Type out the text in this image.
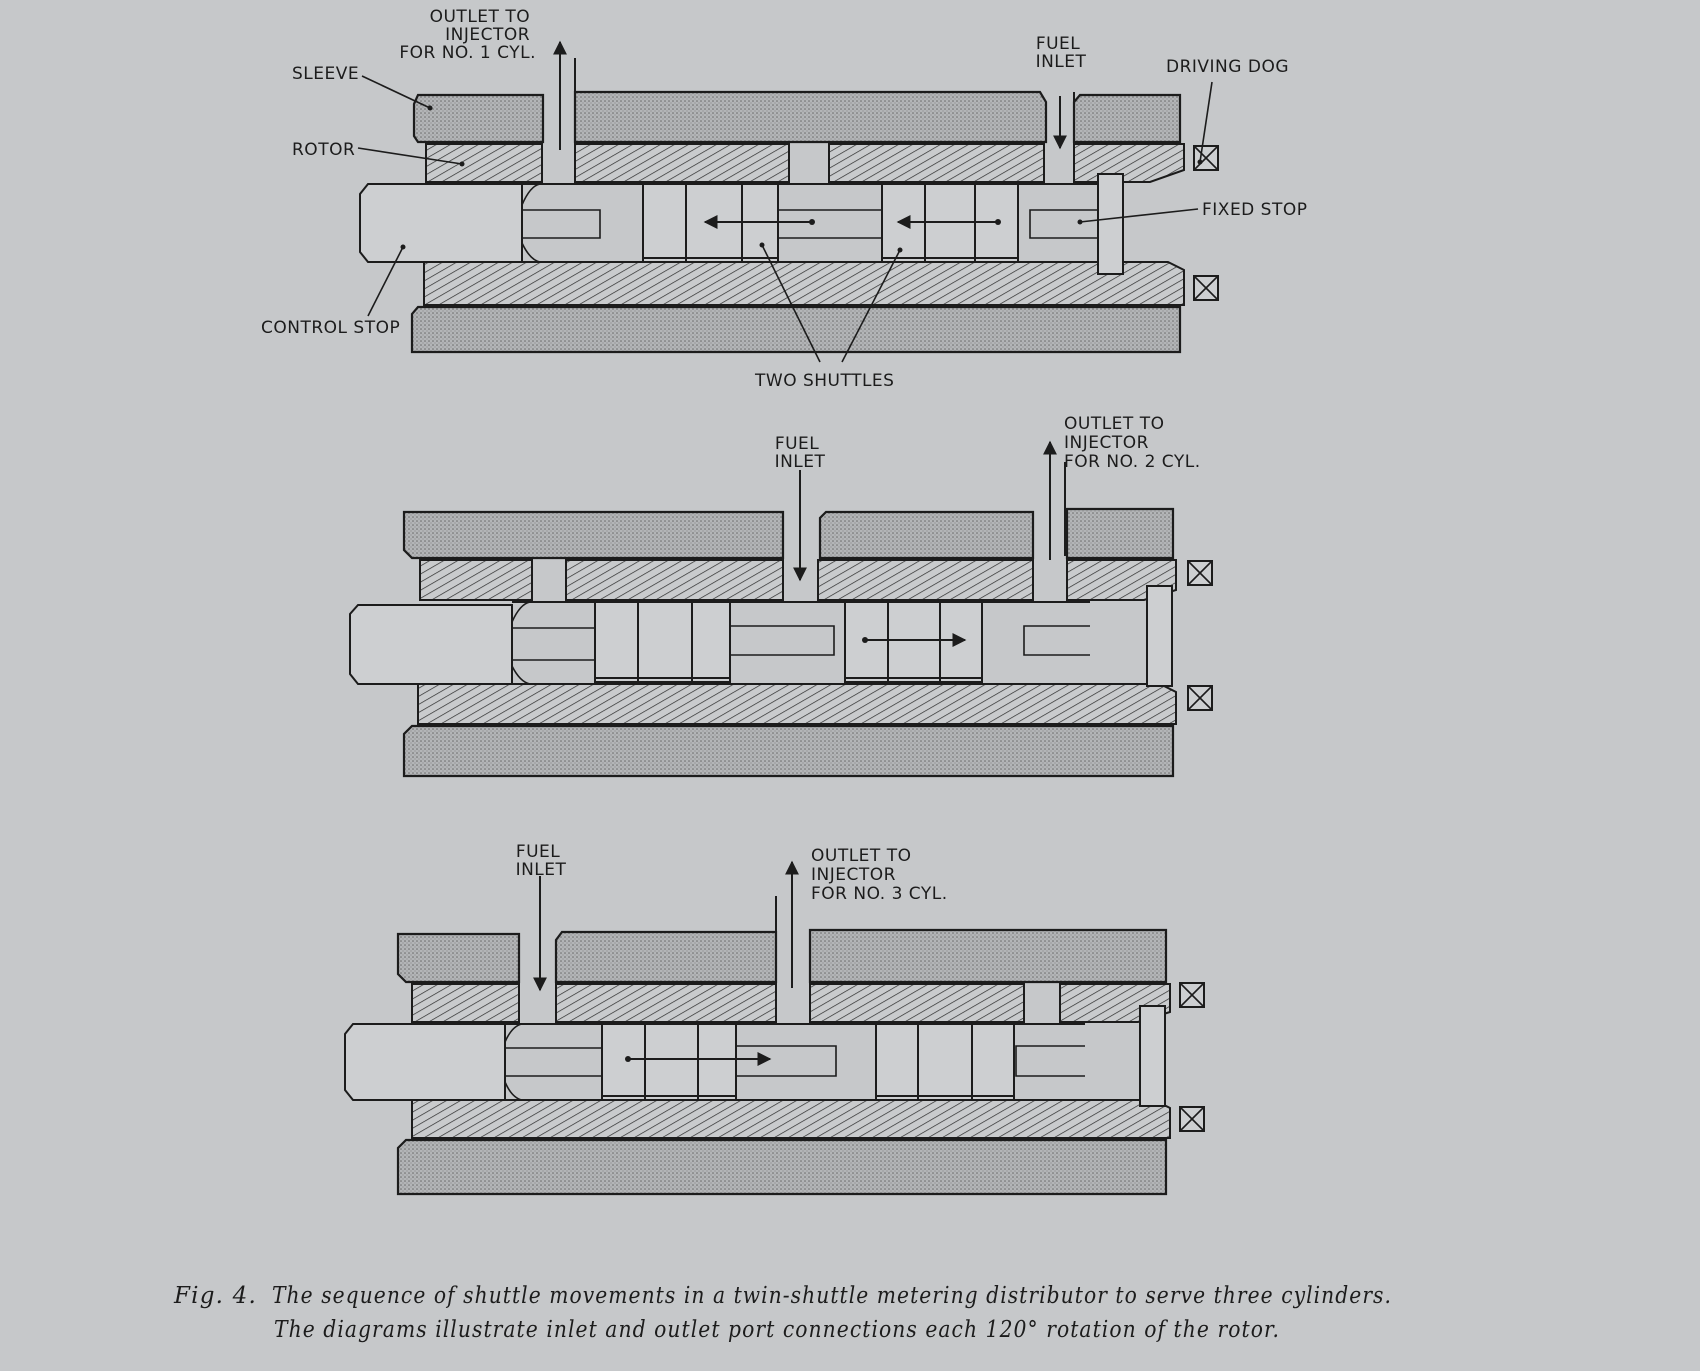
OUTLET TO INJECTOR FOR NO. 1 CYL.	FUEL INLET
SLEEVE
ROTOR
DRIVING DOG
FIXED STOP
CONTROL STOP
TWO SHUTTLES
FUEL INLET
OUTLET TO INJECTOR FOR NO. 2 CYL.
FUEL INLET
OUTLET TO INJECTOR FOR NO. 3 CYL.
Fig. 4. The sequence of shuttle movements in a twin-shuttle metering distributor to serve three cylinders.
The diagrams illustrate inlet and outlet port connections each 120° rotation of the rotor.
